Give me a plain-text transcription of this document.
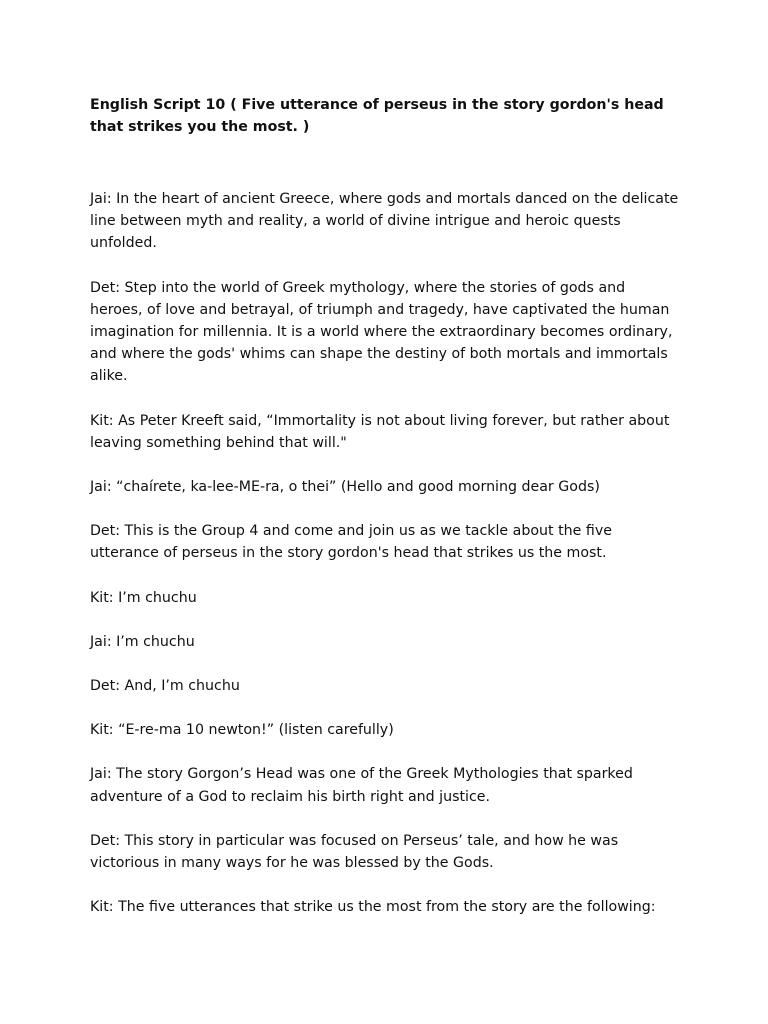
English Script 10 ( Five utterance of perseus in the story gordon's head that strikes you the most. )

Jai: In the heart of ancient Greece, where gods and mortals danced on the delicate line between myth and reality, a world of divine intrigue and heroic quests unfolded.

Det: Step into the world of Greek mythology, where the stories of gods and heroes, of love and betrayal, of triumph and tragedy, have captivated the human imagination for millennia. It is a world where the extraordinary becomes ordinary, and where the gods' whims can shape the destiny of both mortals and immortals alike.

Kit: As Peter Kreeft said, “Immortality is not about living forever, but rather about leaving something behind that will."

Jai: “chaírete, ka-lee-ME-ra, o thei” (Hello and good morning dear Gods)

Det: This is the Group 4 and come and join us as we tackle about the five utterance of perseus in the story gordon's head that strikes us the most.

Kit: I’m chuchu

Jai: I’m chuchu

Det: And, I’m chuchu

Kit: “E-re-ma 10 newton!” (listen carefully)

Jai: The story Gorgon’s Head was one of the Greek Mythologies that sparked adventure of a God to reclaim his birth right and justice.

Det: This story in particular was focused on Perseus’ tale, and how he was victorious in many ways for he was blessed by the Gods.

Kit: The five utterances that strike us the most from the story are the following:
